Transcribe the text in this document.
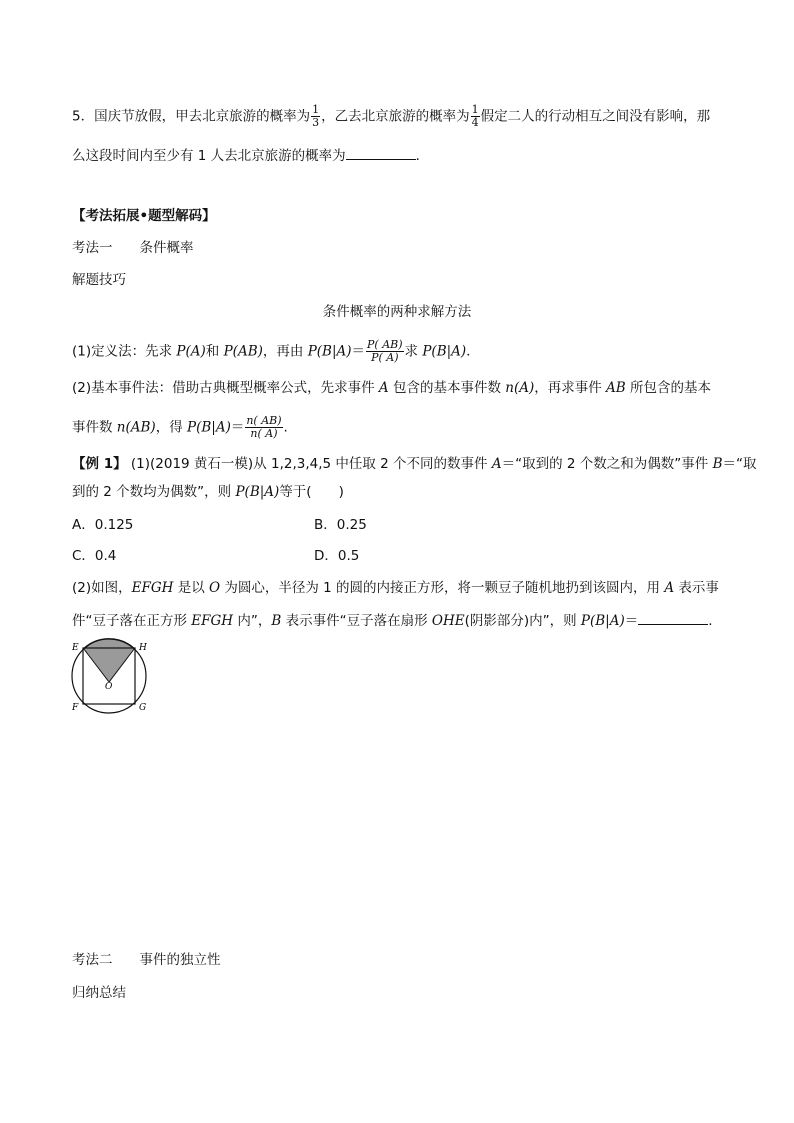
5．国庆节放假，甲去北京旅游的概率为 $\frac{1}{3}$ ，乙去北京旅游的概率为 $\frac{1}{4}$ 假定二人的行动相互之间没有影响，那
么这段时间内至少有 1 人去北京旅游的概率为	．
【考法拓展•题型解码】
考法一　　条件概率
解题技巧
条件概率的两种求解方法
(1)定义法：先求 P(A)和 P(AB)，再由 $P(B|A)= \frac{P( AB)}{P( A)}$ 求 P(B|A)．
(2)基本事件法：借助古典概型概率公式，先求事件 A 包含的基本事件数 n(A)，再求事件 AB 所包含的基本
事件数 n(AB)，得 $P(B|A)= \frac{n( AB)}{n( A)}$ .
【例 1】 (1)(2019 黄石一模)从 1,2,3,4,5 中任取 2 个不同的数事件 A＝“取到的 2 个数之和为偶数”事件 B＝“取
到的 2 个数均为偶数”，则 P(B|A)等于(　　)
A．0.125	B．0.25
C．0.4	D．0.5
(2)如图，EFGH 是以 O 为圆心，半径为 1 的圆的内接正方形，将一颗豆子随机地扔到该圆内，用 A 表示事
件“豆子落在正方形 EFGH 内”，B 表示事件“豆子落在扇形 OHE(阴影部分)内”，则 P(B|A)＝	.
E	H
O
F	G
考法二　　事件的独立性
归纳总结
